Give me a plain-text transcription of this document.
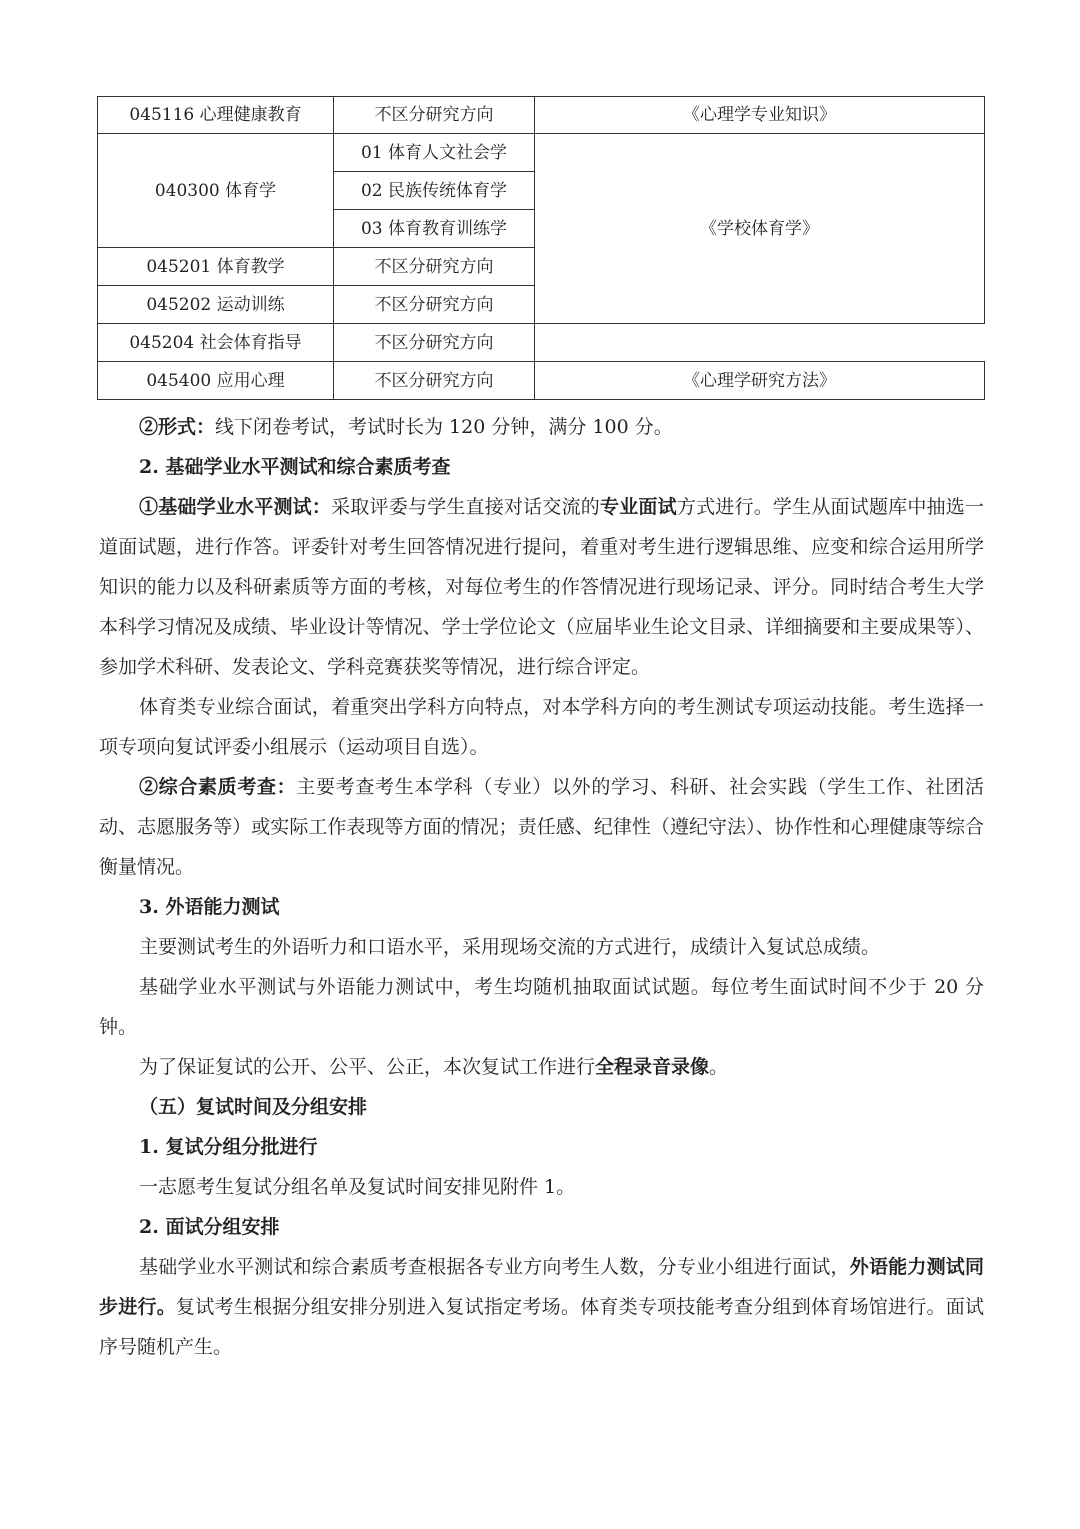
045116 心理健康教育	不区分研究方向	《心理学专业知识》
040300 体育学	01 体育人文社会学	《学校体育学》
	02 民族传统体育学	
	03 体育教育训练学	
045201 体育教学	不区分研究方向	
045202 运动训练	不区分研究方向	
045204 社会体育指导	不区分研究方向	
045400 应用心理	不区分研究方向	《心理学研究方法》

②形式：线下闭卷考试，考试时长为 120 分钟，满分 100 分。

2. 基础学业水平测试和综合素质考查

①基础学业水平测试：采取评委与学生直接对话交流的专业面试方式进行。学生从面试题库中抽选一道面试题，进行作答。评委针对考生回答情况进行提问，着重对考生进行逻辑思维、应变和综合运用所学知识的能力以及科研素质等方面的考核，对每位考生的作答情况进行现场记录、评分。同时结合考生大学本科学习情况及成绩、毕业设计等情况、学士学位论文（应届毕业生论文目录、详细摘要和主要成果等）、参加学术科研、发表论文、学科竞赛获奖等情况，进行综合评定。

体育类专业综合面试，着重突出学科方向特点，对本学科方向的考生测试专项运动技能。考生选择一项专项向复试评委小组展示（运动项目自选）。

②综合素质考查：主要考查考生本学科（专业）以外的学习、科研、社会实践（学生工作、社团活动、志愿服务等）或实际工作表现等方面的情况；责任感、纪律性（遵纪守法）、协作性和心理健康等综合衡量情况。

3. 外语能力测试

主要测试考生的外语听力和口语水平，采用现场交流的方式进行，成绩计入复试总成绩。

基础学业水平测试与外语能力测试中，考生均随机抽取面试试题。每位考生面试时间不少于 20 分钟。

为了保证复试的公开、公平、公正，本次复试工作进行全程录音录像。

（五）复试时间及分组安排

1. 复试分组分批进行

一志愿考生复试分组名单及复试时间安排见附件 1。

2. 面试分组安排

基础学业水平测试和综合素质考查根据各专业方向考生人数，分专业小组进行面试，外语能力测试同步进行。复试考生根据分组安排分别进入复试指定考场。体育类专项技能考查分组到体育场馆进行。面试序号随机产生。
